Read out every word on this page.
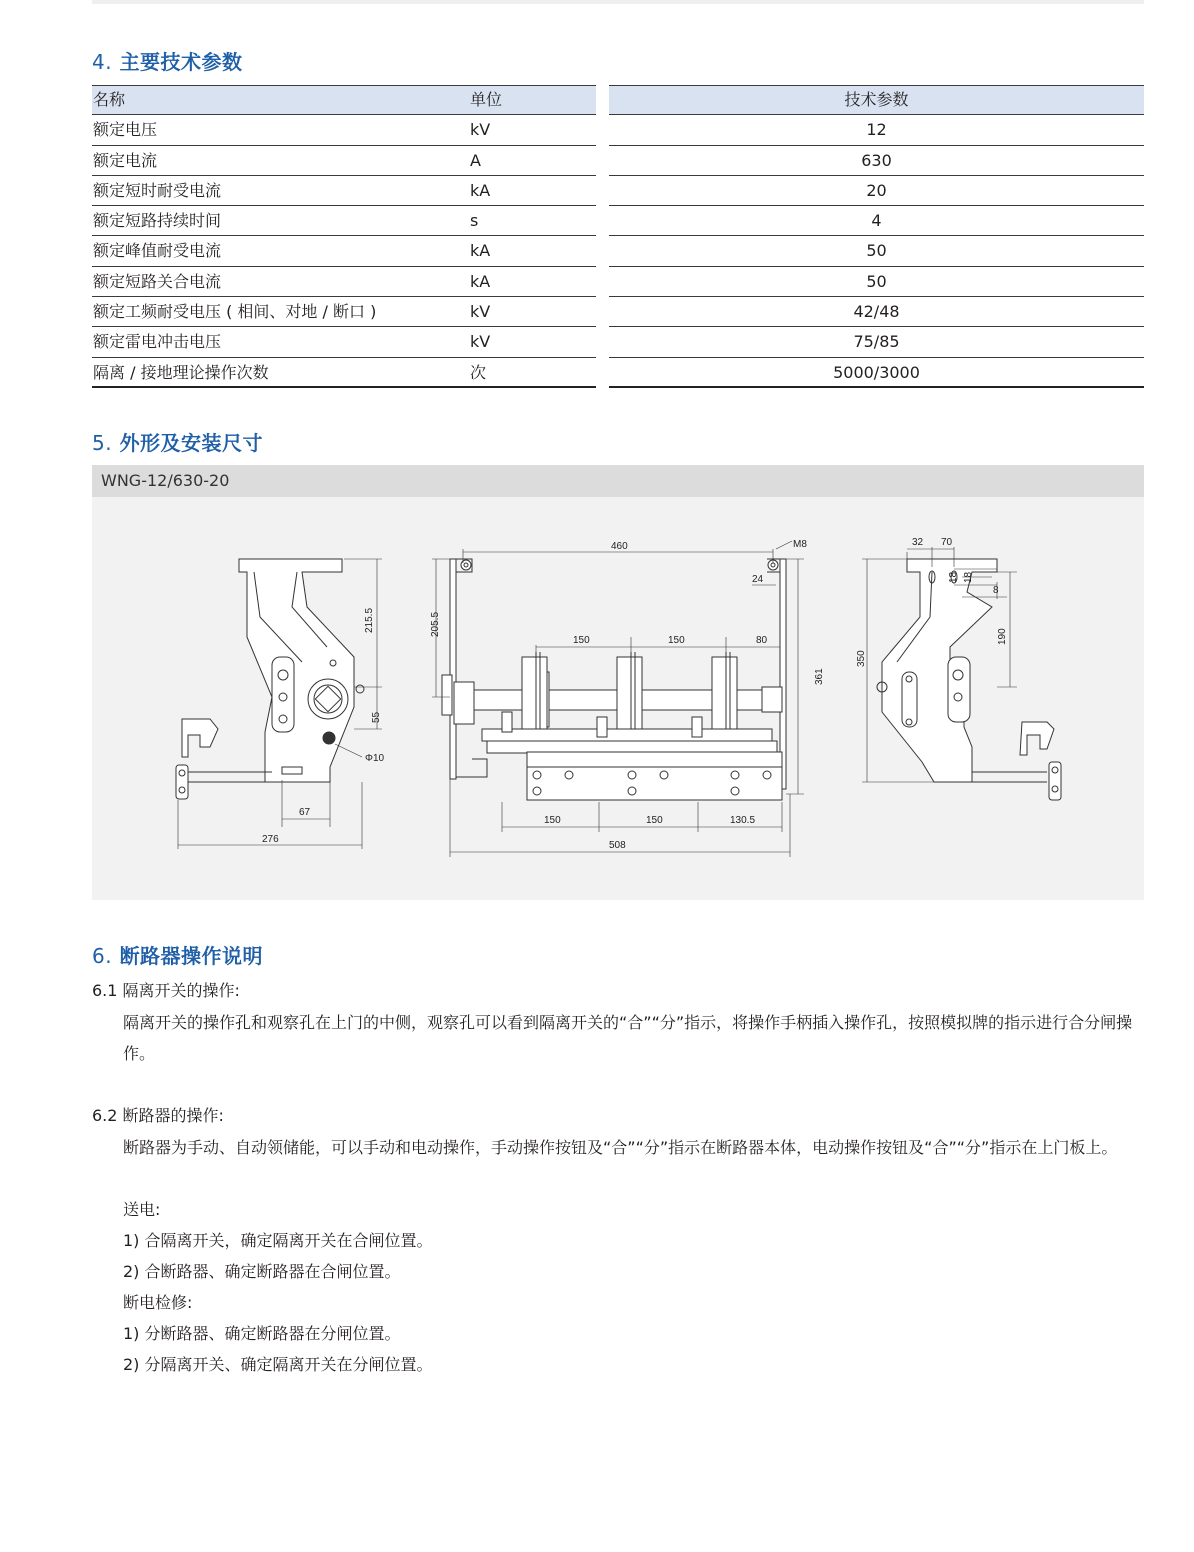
4. 主要技术参数
名称	单位	技术参数
额定电压	kV	12
额定电流	A	630
额定短时耐受电流	kA	20
额定短路持续时间	s	4
额定峰值耐受电流	kA	50
额定短路关合电流	kA	50
额定工频耐受电压 ( 相间、对地 / 断口 )	kV	42/48
额定雷电冲击电压	kV	75/85
隔离 / 接地理论操作次数	次	5000/3000
5. 外形及安装尺寸
WNG-12/630-20
215.5
55
Φ10
67
276
460	M8
24
205.5
150	150	80
361
150	150	130.5
508
32 70
18 18
8
190
350
6. 断路器操作说明
6.1 隔离开关的操作:
隔离开关的操作孔和观察孔在上门的中侧，观察孔可以看到隔离开关的“合”“分”指示，将操作手柄插入操作孔，按照模拟牌的指示进行合分闸操作。
6.2 断路器的操作:
断路器为手动、自动领储能，可以手动和电动操作，手动操作按钮及“合”“分”指示在断路器本体，电动操作按钮及“合”“分”指示在上门板上。
送电:
1) 合隔离开关，确定隔离开关在合闸位置。
2) 合断路器、确定断路器在合闸位置。
断电检修:
1) 分断路器、确定断路器在分闸位置。
2) 分隔离开关、确定隔离开关在分闸位置。
